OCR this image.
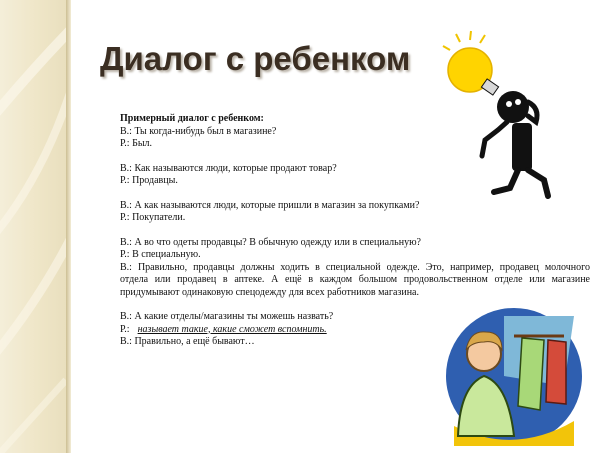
Диалог с ребенком
Примерный диалог с ребенком:
В.: Ты когда-нибудь был в магазине?
Р.: Был.
В.: Как называются люди, которые продают товар?
Р.: Продавцы.
В.: А как называются люди, которые пришли в магазин за покупками?
Р.: Покупатели.
В.: А во что одеты продавцы? В обычную одежду или в специальную?
Р.: В специальную.
В.: Правильно, продавцы должны ходить в специальной одежде. Это, например, продавец молочного
отдела или продавец в аптеке. А ещё в каждом большом продовольственном отделе или магазине
придумывают одинаковую спецодежду для всех работников магазина.
В.: А какие отделы/магазины ты можешь назвать?
Р.: называет такие, какие сможет вспомнить.
В.: Правильно, а ещё бывают…
